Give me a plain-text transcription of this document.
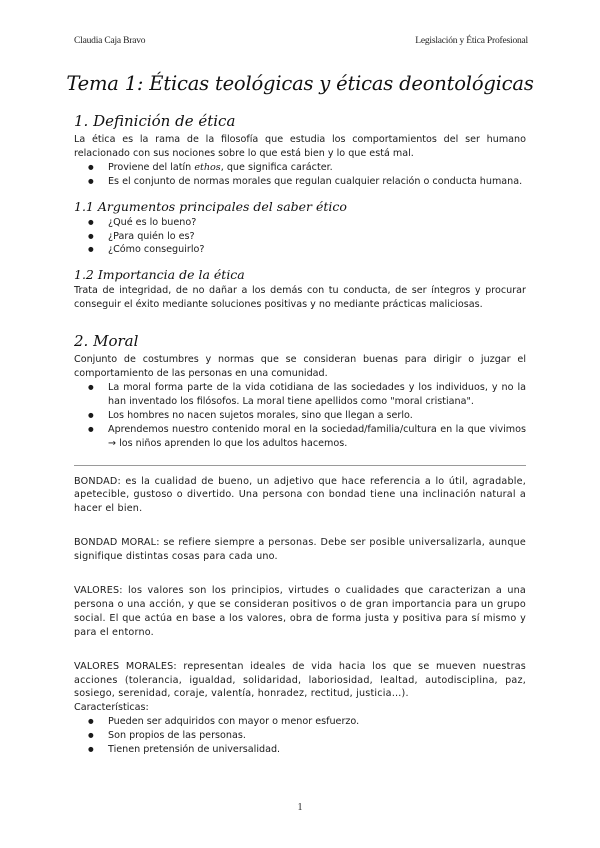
Claudia Caja Bravo	Legislación y Ética Profesional
Tema 1: Éticas teológicas y éticas deontológicas
1. Definición de ética

La ética es la rama de la filosofía que estudia los comportamientos del ser humano relacionado con sus nociones sobre lo que está bien y lo que está mal.

● Proviene del latín ethos, que significa carácter.
● Es el conjunto de normas morales que regulan cualquier relación o conducta humana.
1.1 Argumentos principales del saber ético
● ¿Qué es lo bueno?
● ¿Para quién lo es?
● ¿Cómo conseguirlo?
1.2 Importancia de la ética

Trata de integridad, de no dañar a los demás con tu conducta, de ser íntegros y procurar conseguir el éxito mediante soluciones positivas y no mediante prácticas maliciosas.

2. Moral

Conjunto de costumbres y normas que se consideran buenas para dirigir o juzgar el comportamiento de las personas en una comunidad.

● La moral forma parte de la vida cotidiana de las sociedades y los individuos, y no la han inventado los filósofos. La moral tiene apellidos como "moral cristiana".
● Los hombres no nacen sujetos morales, sino que llegan a serlo.
● Aprendemos nuestro contenido moral en la sociedad/familia/cultura en la que vivimos → los niños aprenden lo que los adultos hacemos.

BONDAD: es la cualidad de bueno, un adjetivo que hace referencia a lo útil, agradable, apetecible, gustoso o divertido. Una persona con bondad tiene una inclinación natural a hacer el bien.

BONDAD MORAL: se refiere siempre a personas. Debe ser posible universalizarla, aunque signifique distintas cosas para cada uno.

VALORES: los valores son los principios, virtudes o cualidades que caracterizan a una persona o una acción, y que se consideran positivos o de gran importancia para un grupo social. El que actúa en base a los valores, obra de forma justa y positiva para sí mismo y para el entorno.

VALORES MORALES: representan ideales de vida hacia los que se mueven nuestras acciones (tolerancia, igualdad, solidaridad, laboriosidad, lealtad, autodisciplina, paz, sosiego, serenidad, coraje, valentía, honradez, rectitud, justicia…).

Características:

● Pueden ser adquiridos con mayor o menor esfuerzo.
● Son propios de las personas.
● Tienen pretensión de universalidad.
1
